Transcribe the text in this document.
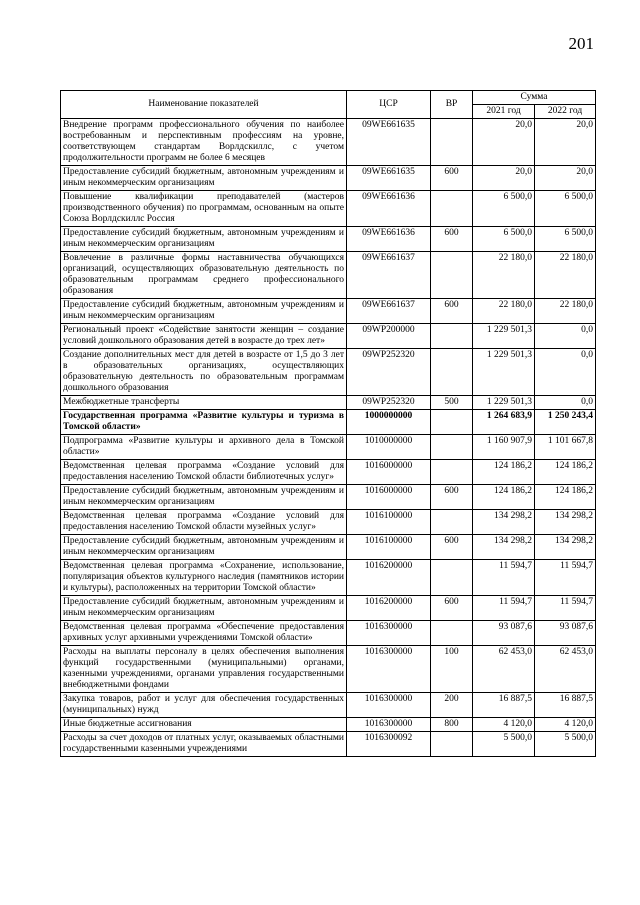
201
Наименование показателей	ЦСР	ВР	Сумма	
			2021 год	2022 год
Внедрение программ профессионального обучения по наиболее востребованным и перспективным профессиям на уровне, соответствующем стандартам Ворлдскиллс, с учетом продолжительности программ не более 6 месяцев	09WE661635		20,0	20,0
Предоставление субсидий бюджетным, автономным учреждениям и иным некоммерческим организациям	09WE661635	600	20,0	20,0
Повышение квалификации преподавателей (мастеров производственного обучения) по программам, основанным на опыте Союза Ворлдскиллс Россия	09WE661636		6 500,0	6 500,0
Предоставление субсидий бюджетным, автономным учреждениям и иным некоммерческим организациям	09WE661636	600	6 500,0	6 500,0
Вовлечение в различные формы наставничества обучающихся организаций, осуществляющих образовательную деятельность по образовательным программам среднего профессионального образования	09WE661637		22 180,0	22 180,0
Предоставление субсидий бюджетным, автономным учреждениям и иным некоммерческим организациям	09WE661637	600	22 180,0	22 180,0
Региональный проект «Содействие занятости женщин – создание условий дошкольного образования детей в возрасте до трех лет»	09WP200000		1 229 501,3	0,0
Создание дополнительных мест для детей в возрасте от 1,5 до 3 лет в образовательных организациях, осуществляющих образовательную деятельность по образовательным программам дошкольного образования	09WP252320		1 229 501,3	0,0
Межбюджетные трансферты	09WP252320	500	1 229 501,3	0,0
Государственная программа «Развитие культуры и туризма в Томской области»	1000000000		1 264 683,9	1 250 243,4
Подпрограмма «Развитие культуры и архивного дела в Томской области»	1010000000		1 160 907,9	1 101 667,8
Ведомственная целевая программа «Создание условий для предоставления населению Томской области библиотечных услуг»	1016000000		124 186,2	124 186,2
Предоставление субсидий бюджетным, автономным учреждениям и иным некоммерческим организациям	1016000000	600	124 186,2	124 186,2
Ведомственная целевая программа «Создание условий для предоставления населению Томской области музейных услуг»	1016100000		134 298,2	134 298,2
Предоставление субсидий бюджетным, автономным учреждениям и иным некоммерческим организациям	1016100000	600	134 298,2	134 298,2
Ведомственная целевая программа «Сохранение, использование, популяризация объектов культурного наследия (памятников истории и культуры), расположенных на территории Томской области»	1016200000		11 594,7	11 594,7
Предоставление субсидий бюджетным, автономным учреждениям и иным некоммерческим организациям	1016200000	600	11 594,7	11 594,7
Ведомственная целевая программа «Обеспечение предоставления архивных услуг архивными учреждениями Томской области»	1016300000		93 087,6	93 087,6
Расходы на выплаты персоналу в целях обеспечения выполнения функций государственными (муниципальными) органами, казенными учреждениями, органами управления государственными внебюджетными фондами	1016300000	100	62 453,0	62 453,0
Закупка товаров, работ и услуг для обеспечения государственных (муниципальных) нужд	1016300000	200	16 887,5	16 887,5
Иные бюджетные ассигнования	1016300000	800	4 120,0	4 120,0
Расходы за счет доходов от платных услуг, оказываемых областными государственными казенными учреждениями	1016300092		5 500,0	5 500,0
